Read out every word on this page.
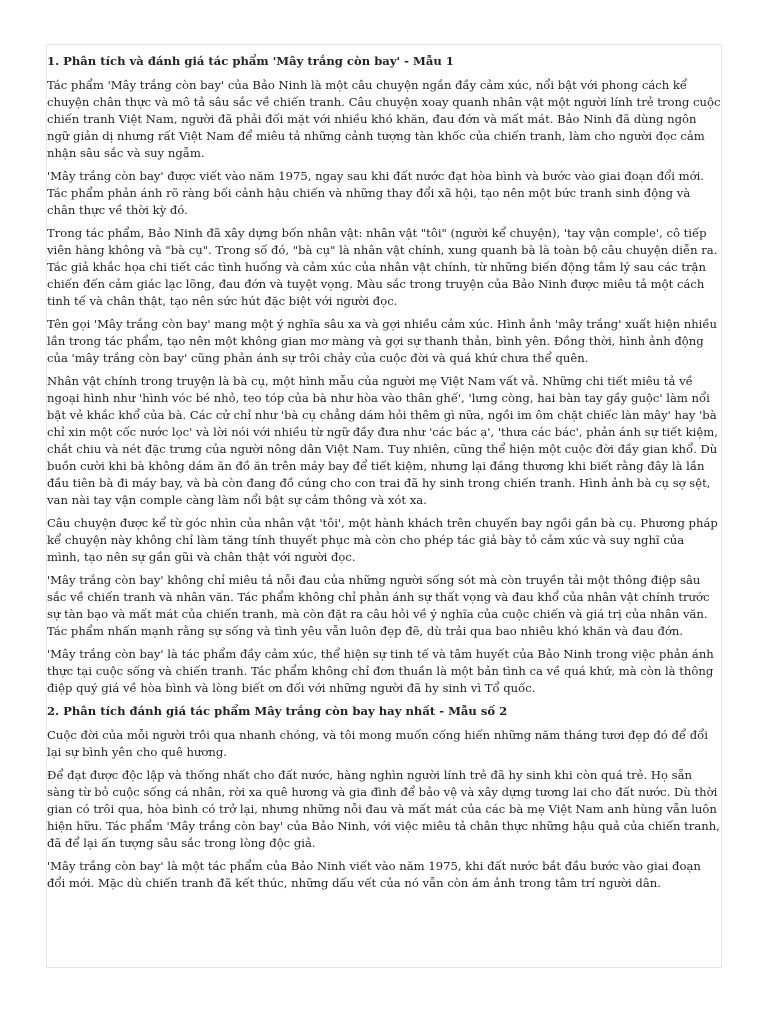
1. Phân tích và đánh giá tác phẩm 'Mây trắng còn bay' - Mẫu 1

Tác phẩm 'Mây trắng còn bay' của Bảo Ninh là một câu chuyện ngắn đầy cảm xúc, nổi bật với phong cách kể chuyện chân thực và mô tả sâu sắc về chiến tranh. Câu chuyện xoay quanh nhân vật một người lính trẻ trong cuộc chiến tranh Việt Nam, người đã phải đối mặt với nhiều khó khăn, đau đớn và mất mát. Bảo Ninh đã dùng ngôn ngữ giản dị nhưng rất Việt Nam để miêu tả những cảnh tượng tàn khốc của chiến tranh, làm cho người đọc cảm nhận sâu sắc và suy ngẫm.

'Mây trắng còn bay' được viết vào năm 1975, ngay sau khi đất nước đạt hòa bình và bước vào giai đoạn đổi mới. Tác phẩm phản ánh rõ ràng bối cảnh hậu chiến và những thay đổi xã hội, tạo nên một bức tranh sinh động và chân thực về thời kỳ đó.

Trong tác phẩm, Bảo Ninh đã xây dựng bốn nhân vật: nhân vật "tôi" (người kể chuyện), 'tay vận comple', cô tiếp viên hàng không và "bà cụ". Trong số đó, "bà cụ" là nhân vật chính, xung quanh bà là toàn bộ câu chuyện diễn ra. Tác giả khắc họa chi tiết các tình huống và cảm xúc của nhân vật chính, từ những biến động tâm lý sau các trận chiến đến cảm giác lạc lõng, đau đớn và tuyệt vọng. Màu sắc trong truyện của Bảo Ninh được miêu tả một cách tinh tế và chân thật, tạo nên sức hút đặc biệt với người đọc.

Tên gọi 'Mây trắng còn bay' mang một ý nghĩa sâu xa và gợi nhiều cảm xúc. Hình ảnh 'mây trắng' xuất hiện nhiều lần trong tác phẩm, tạo nên một không gian mơ màng và gợi sự thanh thản, bình yên. Đồng thời, hình ảnh động của 'mây trắng còn bay' cũng phản ánh sự trôi chảy của cuộc đời và quá khứ chưa thể quên.

Nhân vật chính trong truyện là bà cụ, một hình mẫu của người mẹ Việt Nam vất vả. Những chi tiết miêu tả về ngoại hình như 'hình vóc bé nhỏ, teo tóp của bà như hòa vào thân ghế', 'lưng còng, hai bàn tay gầy guộc' làm nổi bật vẻ khắc khổ của bà. Các cử chỉ như 'bà cụ chẳng dám hỏi thêm gì nữa, ngồi im ôm chặt chiếc làn mây' hay 'bà chỉ xin một cốc nước lọc' và lời nói với nhiều từ ngữ đầy đưa như 'các bác ạ', 'thưa các bác', phản ánh sự tiết kiệm, chắt chiu và nét đặc trưng của người nông dân Việt Nam. Tuy nhiên, cũng thể hiện một cuộc đời đầy gian khổ. Dù buồn cười khi bà không dám ăn đồ ăn trên máy bay để tiết kiệm, nhưng lại đáng thương khi biết rằng đây là lần đầu tiên bà đi máy bay, và bà còn đang đồ cúng cho con trai đã hy sinh trong chiến tranh. Hình ảnh bà cụ sợ sệt, van nài tay vận comple càng làm nổi bật sự cảm thông và xót xa.

Câu chuyện được kể từ góc nhìn của nhân vật 'tôi', một hành khách trên chuyến bay ngồi gần bà cụ. Phương pháp kể chuyện này không chỉ làm tăng tính thuyết phục mà còn cho phép tác giả bày tỏ cảm xúc và suy nghĩ của mình, tạo nên sự gần gũi và chân thật với người đọc.

'Mây trắng còn bay' không chỉ miêu tả nỗi đau của những người sống sót mà còn truyền tải một thông điệp sâu sắc về chiến tranh và nhân văn. Tác phẩm không chỉ phản ánh sự thất vọng và đau khổ của nhân vật chính trước sự tàn bạo và mất mát của chiến tranh, mà còn đặt ra câu hỏi về ý nghĩa của cuộc chiến và giá trị của nhân văn. Tác phẩm nhấn mạnh rằng sự sống và tình yêu vẫn luôn đẹp đẽ, dù trải qua bao nhiêu khó khăn và đau đớn.

'Mây trắng còn bay' là tác phẩm đầy cảm xúc, thể hiện sự tinh tế và tâm huyết của Bảo Ninh trong việc phản ánh thực tại cuộc sống và chiến tranh. Tác phẩm không chỉ đơn thuần là một bản tình ca về quá khứ, mà còn là thông điệp quý giá về hòa bình và lòng biết ơn đối với những người đã hy sinh vì Tổ quốc.

2. Phân tích đánh giá tác phẩm Mây trắng còn bay hay nhất - Mẫu số 2

Cuộc đời của mỗi người trôi qua nhanh chóng, và tôi mong muốn cống hiến những năm tháng tươi đẹp đó để đổi lại sự bình yên cho quê hương.

Để đạt được độc lập và thống nhất cho đất nước, hàng nghìn người lính trẻ đã hy sinh khi còn quá trẻ. Họ sẵn sàng từ bỏ cuộc sống cá nhân, rời xa quê hương và gia đình để bảo vệ và xây dựng tương lai cho đất nước. Dù thời gian có trôi qua, hòa bình có trở lại, nhưng những nỗi đau và mất mát của các bà mẹ Việt Nam anh hùng vẫn luôn hiện hữu. Tác phẩm 'Mây trắng còn bay' của Bảo Ninh, với việc miêu tả chân thực những hậu quả của chiến tranh, đã để lại ấn tượng sâu sắc trong lòng độc giả.

'Mây trắng còn bay' là một tác phẩm của Bảo Ninh viết vào năm 1975, khi đất nước bắt đầu bước vào giai đoạn đổi mới. Mặc dù chiến tranh đã kết thúc, những dấu vết của nó vẫn còn ám ảnh trong tâm trí người dân.
